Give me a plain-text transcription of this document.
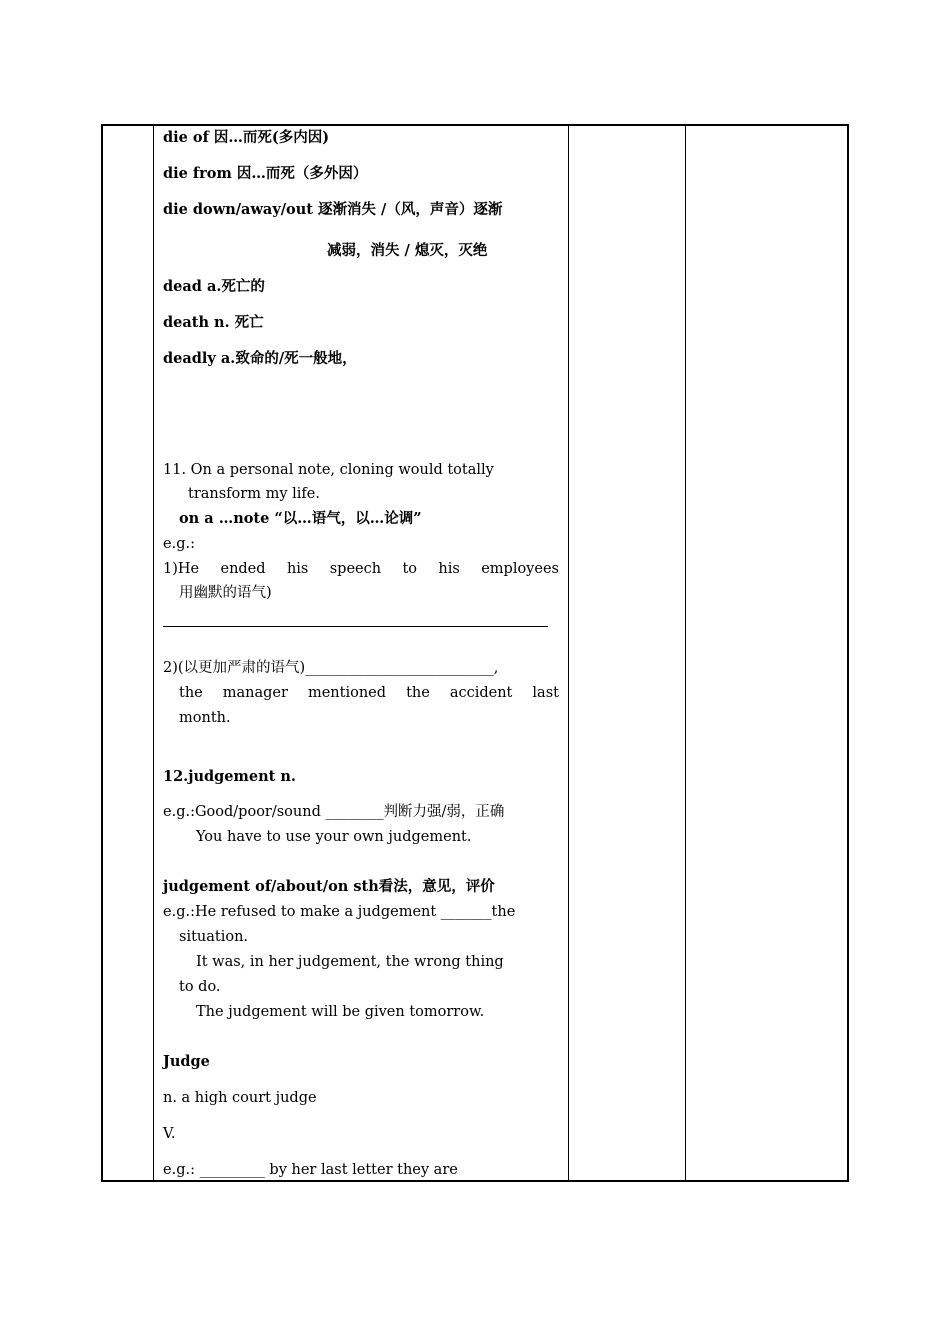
die of 因…而死(多内因)
die from 因…而死（多外因）
die down/away/out 逐渐消失 /（风，声音）逐渐
减弱，消失 / 熄灭，灭绝
dead a.死亡的
death n. 死亡
deadly a.致命的/死一般地，
11. On a personal note, cloning would totally
transform my life.
on a …note “以…语气，以…论调”
e.g.:
1)He ended his speech to his employees
用幽默的语气)
2)(以更加严肃的语气)__________________________,
the manager mentioned the accident last
month.
12.judgement n.
e.g.:Good/poor/sound ________判断力强/弱，正确
You have to use your own judgement.
judgement of/about/on sth看法，意见，评价
e.g.:He refused to make a judgement _______the
situation.
It was, in her judgement, the wrong thing
to do.
The judgement will be given tomorrow.
Judge
n. a high court judge
V.
e.g.: _________ by her last letter they are
